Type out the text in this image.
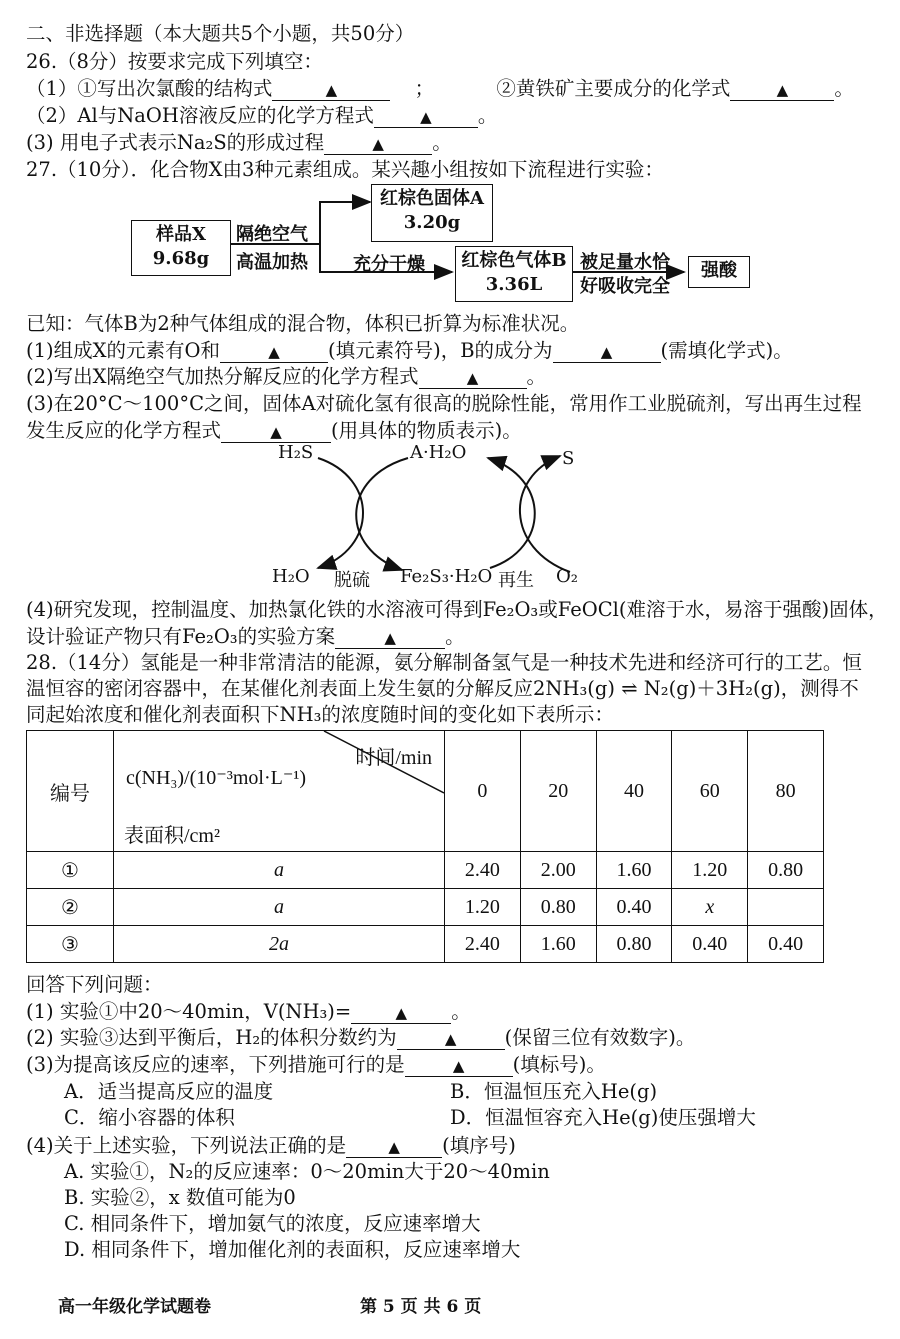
二、非选择题（本大题共5个小题，共50分）
26.（8分）按要求完成下列填空：
（1）①写出次氯酸的结构式	▲	；	②黄铁矿主要成分的化学式	▲ 。
（2）Al与NaOH溶液反应的化学方程式	▲ 。
(3) 用电子式表示Na₂S的形成过程	▲ 。
27.（10分）．化合物X由3种元素组成。某兴趣小组按如下流程进行实验：
样品X
9.68g
隔绝空气
高温加热
红棕色固体A
3.20g
充分干燥 红棕色气体B
3.36L
被足量水恰
好吸收完全
强酸
已知：气体B为2种气体组成的混合物，体积已折算为标准状况。
(1)组成X的元素有O和	▲ (填元素符号)，B的成分为	▲ (需填化学式)。
(2)写出X隔绝空气加热分解反应的化学方程式	▲ 。
(3)在20°C～100°C之间，固体A对硫化氢有很高的脱除性能，常用作工业脱硫剂，写出再生过程
发生反应的化学方程式	▲	(用具体的物质表示)。
H₂S	A·H₂O	S
H₂O 脱硫 Fe₂S₃·H₂O 再生 O₂
(4)研究发现，控制温度、加热氯化铁的水溶液可得到Fe₂O₃或FeOCl(难溶于水，易溶于强酸)固体，
设计验证产物只有Fe₂O₃的实验方案	▲	。
28.（14分）氢能是一种非常清洁的能源，氨分解制备氢气是一种技术先进和经济可行的工艺。恒
温恒容的密闭容器中，在某催化剂表面上发生氨的分解反应2NH₃(g) ⇌ N₂(g)＋3H₂(g)，测得不
同起始浓度和催化剂表面积下NH₃的浓度随时间的变化如下表所示：
编号	时间/min
c(NH₃)/(10⁻³mol·L⁻¹)
表面积/cm²	0	20	40	60	80
①	a	2.40	2.00	1.60	1.20	0.80
②	a	1.20	0.80	0.40	x	
③	2a	2.40	1.60	0.80	0.40	0.40
回答下列问题：
(1) 实验①中20～40min，V(NH₃)=	▲ 。
(2) 实验③达到平衡后，H₂的体积分数约为	▲ (保留三位有效数字)。
(3)为提高该反应的速率，下列措施可行的是	▲ (填标号)。
A．适当提高反应的温度	B．恒温恒压充入He(g)
C．缩小容器的体积	D．恒温恒容充入He(g)使压强增大
(4)关于上述实验，下列说法正确的是	▲ (填序号)
A. 实验①，N₂的反应速率：0～20min大于20～40min
B. 实验②，x 数值可能为0
C. 相同条件下，增加氨气的浓度，反应速率增大
D. 相同条件下，增加催化剂的表面积，反应速率增大
高一年级化学试题卷	第 5 页 共 6 页
